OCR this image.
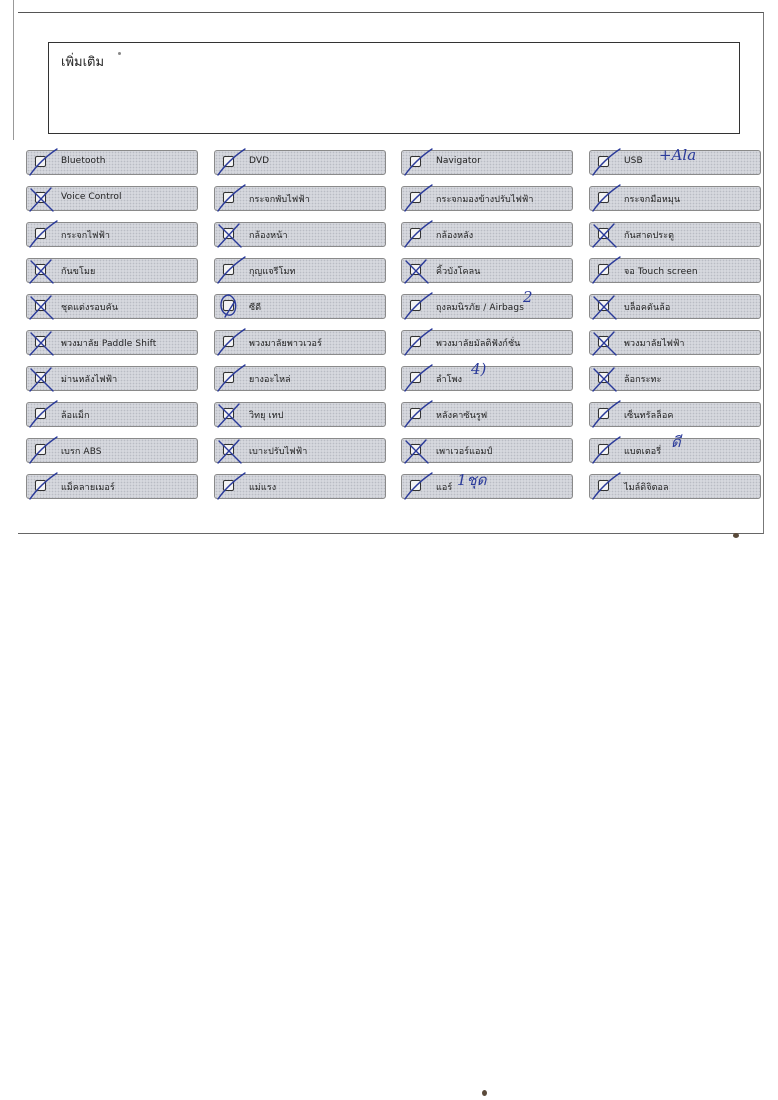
เพิ่มเติม
Bluetooth
Voice Control
กระจกไฟฟ้า
กันขโมย
ชุดแต่งรอบคัน
พวงมาลัย Paddle Shift
ม่านหลังไฟฟ้า
ล้อแม็ก
เบรก ABS
แม็คลายเมอร์
DVD
กระจกพับไฟฟ้า
กล้องหน้า
กุญแจรีโมท
ซีดี
พวงมาลัยพาวเวอร์
ยางอะไหล่
วิทยุ เทป
เบาะปรับไฟฟ้า
แม่แรง
Navigator
กระจกมองข้างปรับไฟฟ้า
กล้องหลัง
คิ้วบังโคลน
ถุงลมนิรภัย / Airbags
พวงมาลัยมัลติฟังก์ชั่น
ลำโพง
หลังคาซันรูฟ
เพาเวอร์แอมป์
แอร์
USB
กระจกมือหมุน
กันสาดประตู
จอ Touch screen
บล็อคดันล้อ
พวงมาลัยไฟฟ้า
ล้อกระทะ
เซ็นทรัลล็อค
แบตเตอรี่
ไมล์ดิจิตอล
+Ala
2
4)
1ชุด
ดี
